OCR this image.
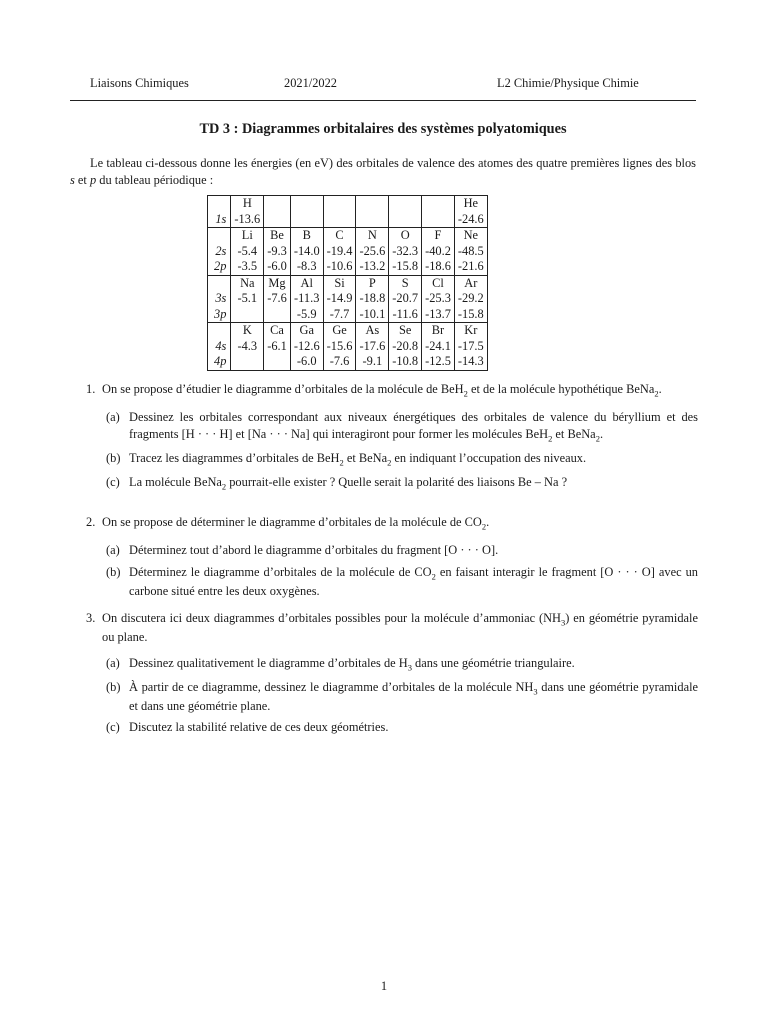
Liaisons Chimiques	2021/2022	L2 Chimie/Physique Chimie
TD 3 : Diagrammes orbitalaires des systèmes polyatomiques
Le tableau ci-dessous donne les énergies (en eV) des orbitales de valence des atomes des quatre premières lignes des blos s et p du tableau périodique :
	H							He
1s	-13.6							-24.6
	Li	Be	B	C	N	O	F	Ne
2s	-5.4	-9.3	-14.0	-19.4	-25.6	-32.3	-40.2	-48.5
2p	-3.5	-6.0	-8.3	-10.6	-13.2	-15.8	-18.6	-21.6
	Na	Mg	Al	Si	P	S	Cl	Ar
3s	-5.1	-7.6	-11.3	-14.9	-18.8	-20.7	-25.3	-29.2
3p			-5.9	-7.7	-10.1	-11.6	-13.7	-15.8
	K	Ca	Ga	Ge	As	Se	Br	Kr
4s	-4.3	-6.1	-12.6	-15.6	-17.6	-20.8	-24.1	-17.5
4p			-6.0	-7.6	-9.1	-10.8	-12.5	-14.3
1. On se propose d’étudier le diagramme d’orbitales de la molécule de BeH$_2$ et de la molécule hypothétique BeNa$_2$.
(a) Dessinez les orbitales correspondant aux niveaux énergétiques des orbitales de valence du béryllium et des fragments [H · · · H] et [Na · · · Na] qui interagiront pour former les molécules BeH$_2$ et BeNa$_2$.
(b) Tracez les diagrammes d’orbitales de BeH$_2$ et BeNa$_2$ en indiquant l’occupation des niveaux.
(c) La molécule BeNa$_2$ pourrait-elle exister ? Quelle serait la polarité des liaisons Be – Na ?
2. On se propose de déterminer le diagramme d’orbitales de la molécule de $CO_2$.
(a) Déterminez tout d’abord le diagramme d’orbitales du fragment [O · · · O].
(b) Déterminez le diagramme d’orbitales de la molécule de $CO_2$ en faisant interagir le fragment [O · · · O] avec un carbone situé entre les deux oxygènes.
3. On discutera ici deux diagrammes d’orbitales possibles pour la molécule d’ammoniac $(NH_3)$ en géométrie pyramidale ou plane.
(a) Dessinez qualitativement le diagramme d’orbitales de $H_3$ dans une géométrie triangulaire.
(b) À partir de ce diagramme, dessinez le diagramme d’orbitales de la molécule $NH_3$ dans une géométrie pyramidale et dans une géométrie plane.
(c) Discutez la stabilité relative de ces deux géométries.
1
